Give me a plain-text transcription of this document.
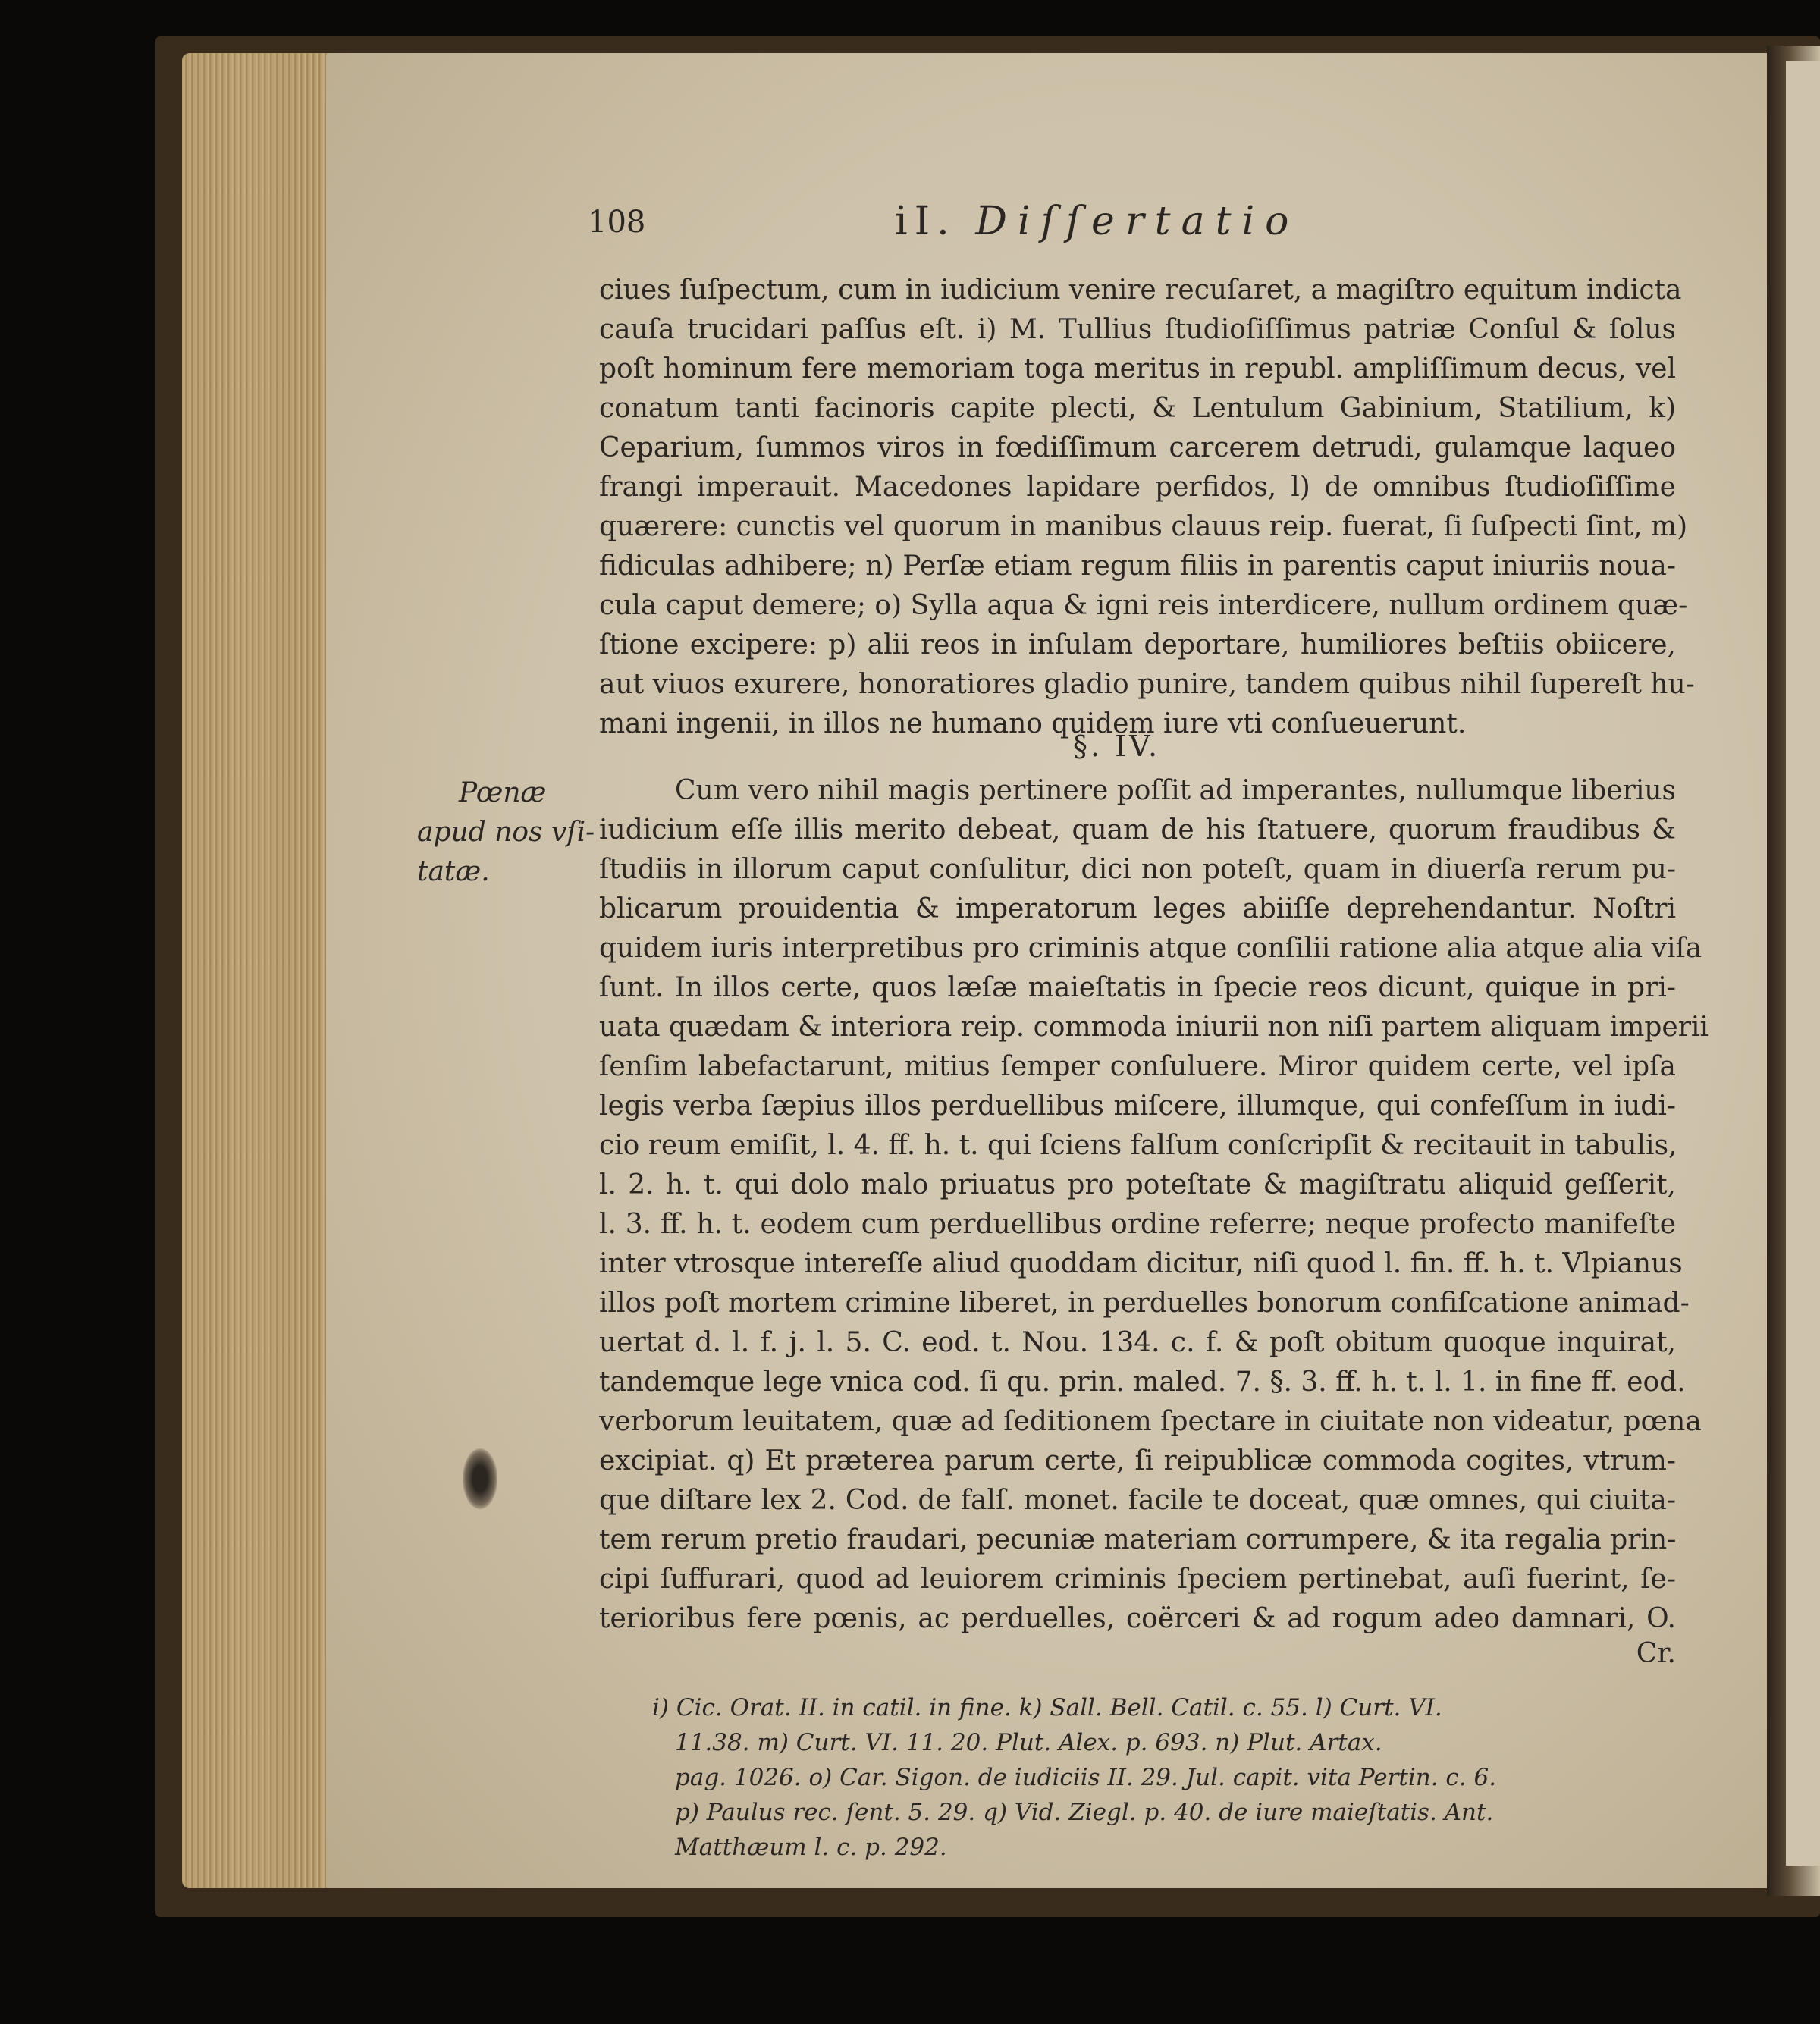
108	iI. Diſſertatio
Pœnæ
apud nos vſi-
tatæ.
ciues ſuſpectum, cum in iudicium venire recuſaret, a magiſtro equitum indicta
cauſa trucidari paſſus eſt. i) M. Tullius ſtudioſiſſimus patriæ Conſul & ſolus
poſt hominum fere memoriam toga meritus in republ. ampliſſimum decus, vel
conatum tanti facinoris capite plecti, & Lentulum Gabinium, Statilium, k)
Ceparium, ſummos viros in fœdiſſimum carcerem detrudi, gulamque laqueo
frangi imperauit. Macedones lapidare perfidos, l) de omnibus ſtudioſiſſime
quærere: cunctis vel quorum in manibus clauus reip. fuerat, ſi ſuſpecti ſint, m)
fidiculas adhibere; n) Perſæ etiam regum filiis in parentis caput iniuriis noua-
cula caput demere; o) Sylla aqua & igni reis interdicere, nullum ordinem quæ-
ſtione excipere: p) alii reos in inſulam deportare, humiliores beſtiis obiicere,
aut viuos exurere, honoratiores gladio punire, tandem quibus nihil ſupereſt hu-
mani ingenii, in illos ne humano quidem iure vti conſueuerunt.
§. IV.
Cum vero nihil magis pertinere poſſit ad imperantes, nullumque liberius
iudicium eſſe illis merito debeat, quam de his ſtatuere, quorum fraudibus &
ſtudiis in illorum caput conſulitur, dici non poteſt, quam in diuerſa rerum pu-
blicarum prouidentia & imperatorum leges abiiſſe deprehendantur. Noſtri
quidem iuris interpretibus pro criminis atque conſilii ratione alia atque alia viſa
ſunt. In illos certe, quos læſæ maieſtatis in ſpecie reos dicunt, quique in pri-
uata quædam & interiora reip. commoda iniurii non niſi partem aliquam imperii
ſenſim labefactarunt, mitius ſemper conſuluere. Miror quidem certe, vel ipſa
legis verba ſæpius illos perduellibus miſcere, illumque, qui confeſſum in iudi-
cio reum emiſit, l. 4. ff. h. t. qui ſciens falſum conſcripſit & recitauit in tabulis,
l. 2. h. t. qui dolo malo priuatus pro poteſtate & magiſtratu aliquid geſſerit,
l. 3. ff. h. t. eodem cum perduellibus ordine referre; neque profecto manifeſte
inter vtrosque intereſſe aliud quoddam dicitur, niſi quod l. fin. ff. h. t. Vlpianus
illos poſt mortem crimine liberet, in perduelles bonorum confiſcatione animad-
uertat d. l. f. j. l. 5. C. eod. t. Nou. 134. c. f. & poſt obitum quoque inquirat,
tandemque lege vnica cod. ſi qu. prin. maled. 7. §. 3. ff. h. t. l. 1. in fine ff. eod.
verborum leuitatem, quæ ad ſeditionem ſpectare in ciuitate non videatur, pœna
excipiat. q) Et præterea parum certe, ſi reipublicæ commoda cogites, vtrum-
que diſtare lex 2. Cod. de falſ. monet. facile te doceat, quæ omnes, qui ciuita-
tem rerum pretio fraudari, pecuniæ materiam corrumpere, & ita regalia prin-
cipi ſuffurari, quod ad leuiorem criminis ſpeciem pertinebat, auſi fuerint, ſe-
terioribus fere pœnis, ac perduelles, coërceri & ad rogum adeo damnari, O.
Cr.
i) Cic. Orat. II. in catil. in fine. k) Sall. Bell. Catil. c. 55. l) Curt. VI.
11.38. m) Curt. VI. 11. 20. Plut. Alex. p. 693. n) Plut. Artax.
pag. 1026. o) Car. Sigon. de iudiciis II. 29. Jul. capit. vita Pertin. c. 6.
p) Paulus rec. ſent. 5. 29. q) Vid. Ziegl. p. 40. de iure maieſtatis. Ant.
Matthæum l. c. p. 292.
